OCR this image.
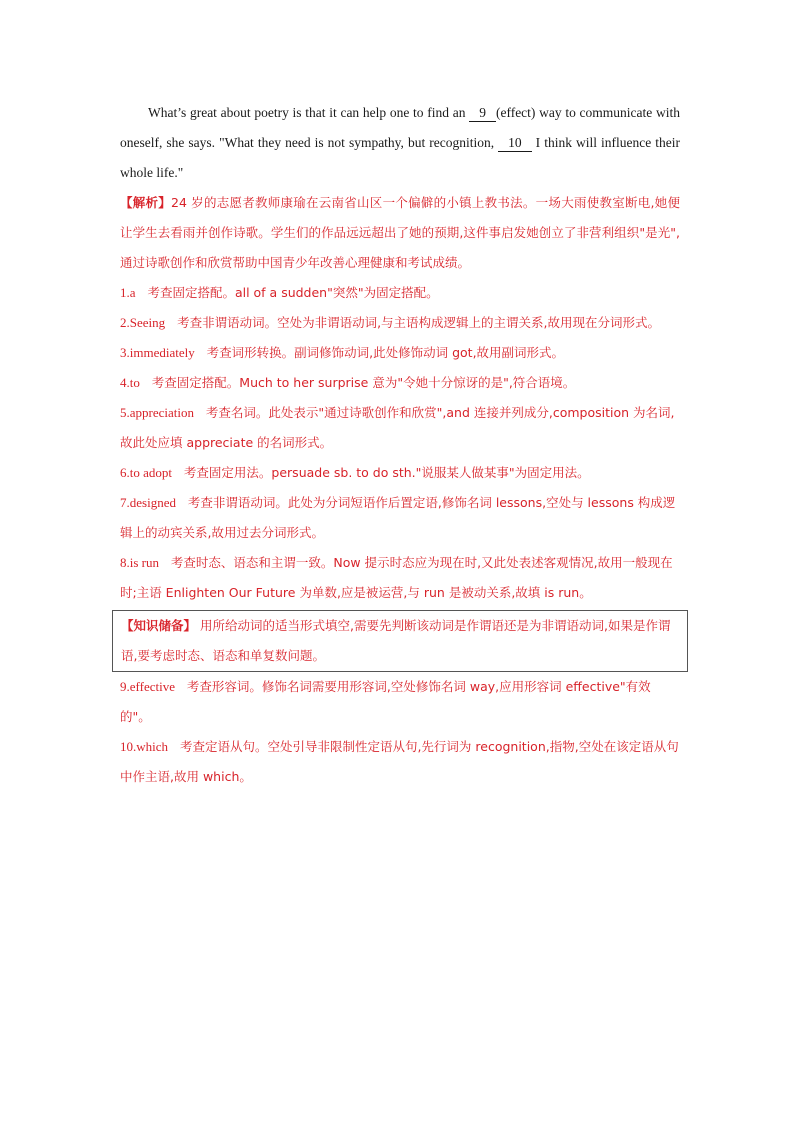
What’s great about poetry is that it can help one to find an 9 (effect) way to communicate with oneself, she says. "What they need is not sympathy, but recognition, 10 I think will influence their whole life."

【解析】24 岁的志愿者教师康瑜在云南省山区一个偏僻的小镇上教书法。一场大雨使教室断电,她便让学生去看雨并创作诗歌。学生们的作品远远超出了她的预期,这件事启发她创立了非营利组织"是光",通过诗歌创作和欣赏帮助中国青少年改善心理健康和考试成绩。

1.a 考查固定搭配。all of a sudden"突然"为固定搭配。

2.Seeing 考查非谓语动词。空处为非谓语动词,与主语构成逻辑上的主谓关系,故用现在分词形式。

3.immediately 考查词形转换。副词修饰动词,此处修饰动词 got,故用副词形式。

4.to 考查固定搭配。Much to her surprise 意为"令她十分惊讶的是",符合语境。

5.appreciation 考查名词。此处表示"通过诗歌创作和欣赏",and 连接并列成分,composition 为名词,故此处应填 appreciate 的名词形式。

6.to adopt 考查固定用法。persuade sb. to do sth."说服某人做某事"为固定用法。

7.designed 考查非谓语动词。此处为分词短语作后置定语,修饰名词 lessons,空处与 lessons 构成逻辑上的动宾关系,故用过去分词形式。

8.is run 考查时态、语态和主谓一致。Now 提示时态应为现在时,又此处表述客观情况,故用一般现在时;主语 Enlighten Our Future 为单数,应是被运营,与 run 是被动关系,故填 is run。

【知识储备】 用所给动词的适当形式填空,需要先判断该动词是作谓语还是为非谓语动词,如果是作谓语,要考虑时态、语态和单复数问题。

9.effective 考查形容词。修饰名词需要用形容词,空处修饰名词 way,应用形容词 effective"有效的"。

10.which 考查定语从句。空处引导非限制性定语从句,先行词为 recognition,指物,空处在该定语从句中作主语,故用 which。
